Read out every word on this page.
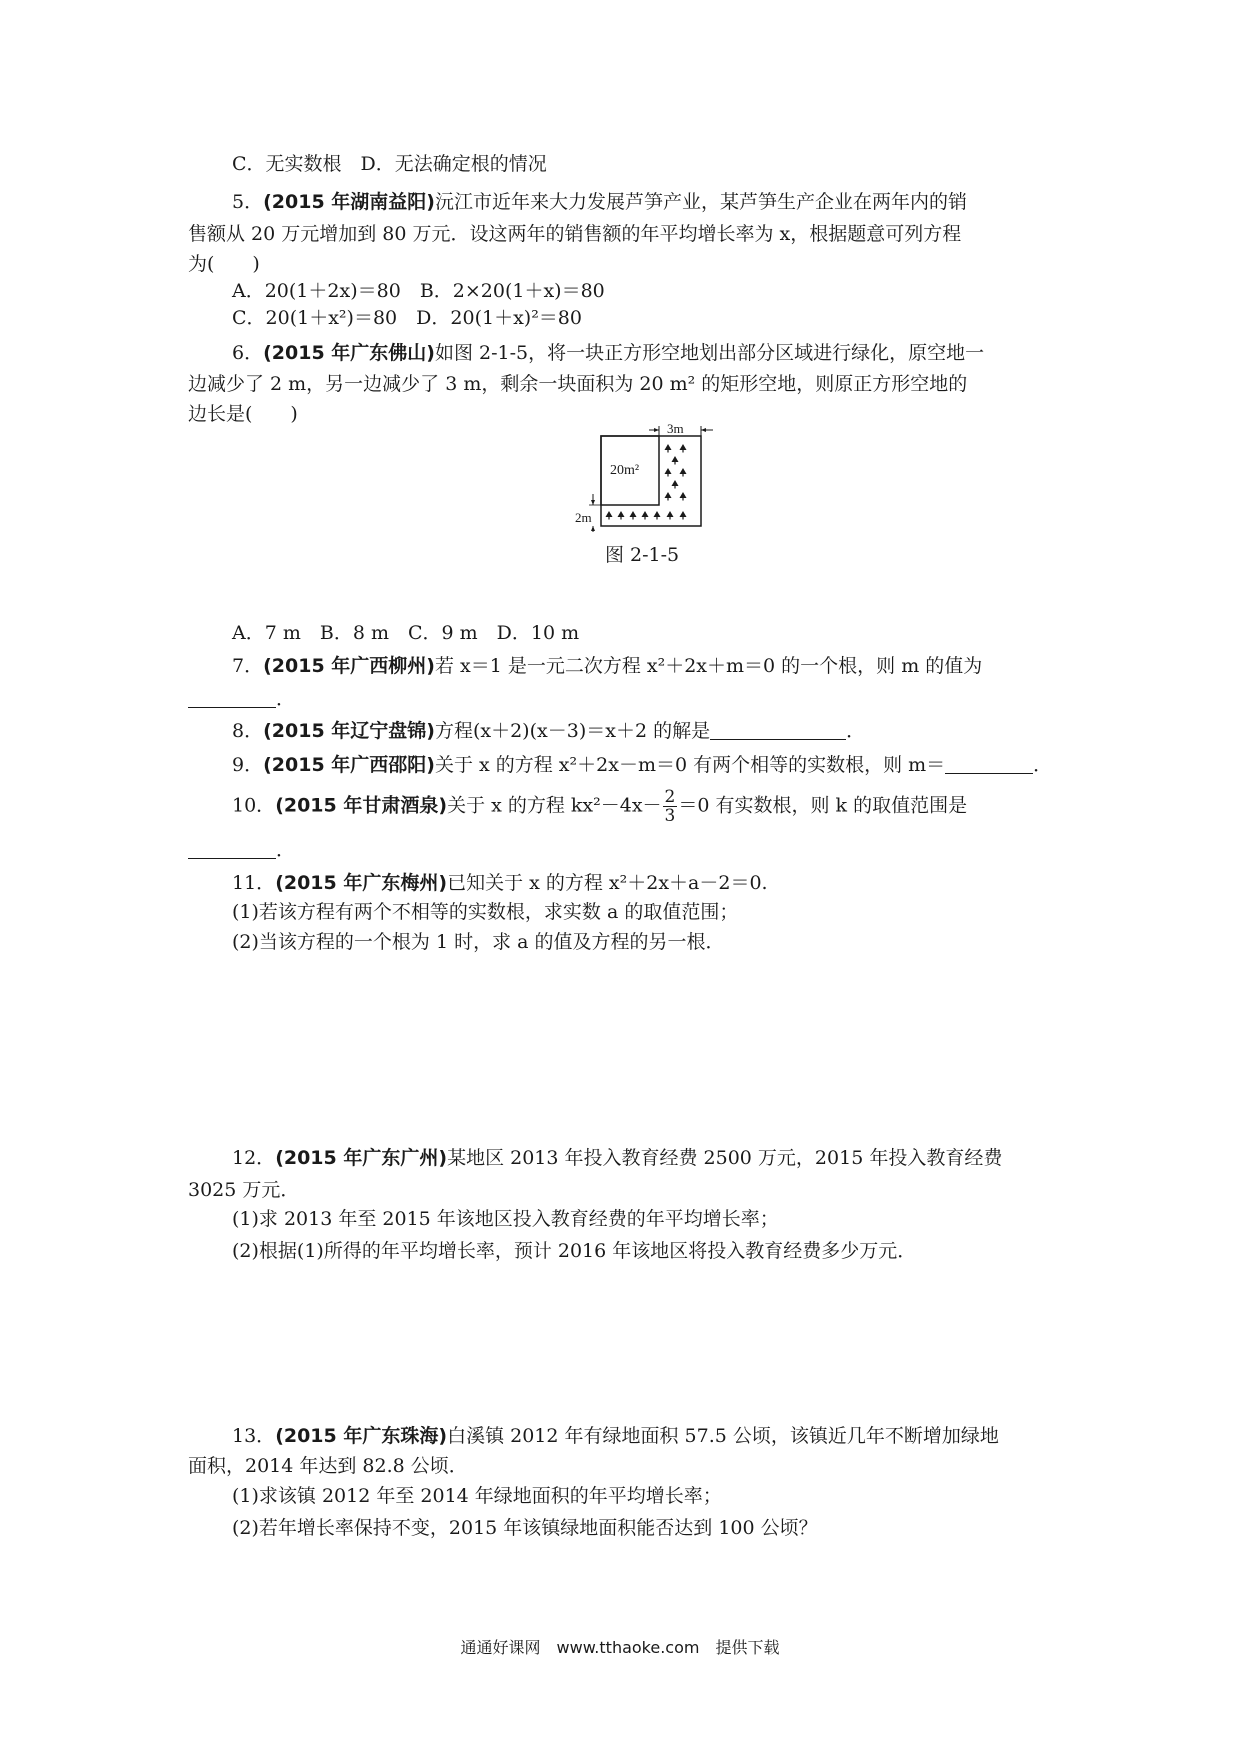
C．无实数根　D．无法确定根的情况
5．(2015 年湖南益阳)沅江市近年来大力发展芦笋产业，某芦笋生产企业在两年内的销
售额从 20 万元增加到 80 万元．设这两年的销售额的年平均增长率为 x，根据题意可列方程
为(　　)
A．20(1＋2x)＝80　 B．2×20(1＋x)＝80
C．20(1＋x²)＝80　 D．20(1＋x)²＝80
6．(2015 年广东佛山)如图 2-1-5，将一块正方形空地划出部分区域进行绿化，原空地一
边减少了 2 m，另一边减少了 3 m，剩余一块面积为 20 m² 的矩形空地，则原正方形空地的
边长是(　　)
20m²
3m
2m
图 2-1-5
A．7 m　B．8 m　C．9 m　D．10 m
7．(2015 年广西柳州)若 x＝1 是一元二次方程 x²＋2x＋m＝0 的一个根，则 m 的值为
．
8．(2015 年辽宁盘锦)方程(x＋2)(x－3)＝x＋2 的解是	．
9．(2015 年广西邵阳)关于 x 的方程 x²＋2x－m＝0 有两个相等的实数根，则 m＝	．
10．(2015 年甘肃酒泉)关于 x 的方程 $kx^2-4x- \frac{2}{3} =0$ 有实数根，则 k 的取值范围是
．
11．(2015 年广东梅州)已知关于 x 的方程 x²＋2x＋a－2＝0.
(1)若该方程有两个不相等的实数根，求实数 a 的取值范围；
(2)当该方程的一个根为 1 时，求 a 的值及方程的另一根．
12．(2015 年广东广州)某地区 2013 年投入教育经费 2500 万元，2015 年投入教育经费
3025 万元．
(1)求 2013 年至 2015 年该地区投入教育经费的年平均增长率；
(2)根据(1)所得的年平均增长率，预计 2016 年该地区将投入教育经费多少万元．
13．(2015 年广东珠海)白溪镇 2012 年有绿地面积 57.5 公顷，该镇近几年不断增加绿地
面积，2014 年达到 82.8 公顷．
(1)求该镇 2012 年至 2014 年绿地面积的年平均增长率；
(2)若年增长率保持不变，2015 年该镇绿地面积能否达到 100 公顷？
通通好课网　www.tthaoke.com　提供下载
